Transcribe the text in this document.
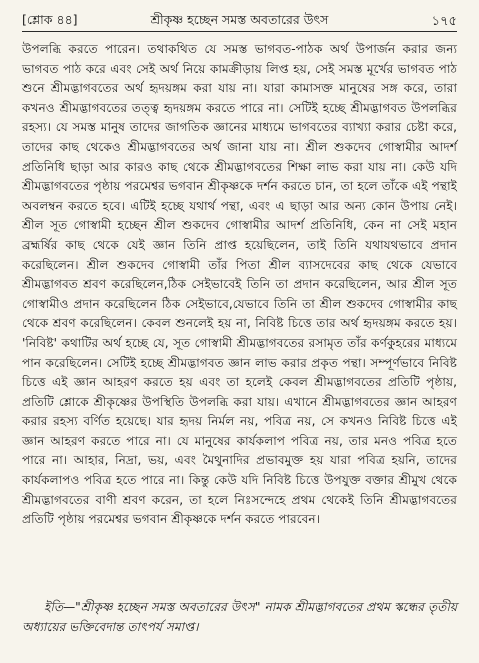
[শ্লোক ৪৪]	শ্রীকৃষ্ণ হচ্ছেন সমস্ত অবতারের উৎস	১৭৫

উপলব্ধি করতে পারেন। তথাকথিত যে সমস্ত ভাগবত-পাঠক অর্থ উপার্জন করার জন্য ভাগবত পাঠ করে এবং সেই অর্থ নিয়ে কামক্রীড়ায় লিপ্ত হয়, সেই সমস্ত মূর্খের ভাগবত পাঠ শুনে শ্রীমদ্ভাগবতের অর্থ হৃদয়ঙ্গম করা যায় না। যারা কামাসক্ত মানুষের সঙ্গ করে, তারা কখনও শ্রীমদ্ভাগবতের তত্ত্ব হৃদয়ঙ্গম করতে পারে না। সেটিই হচ্ছে শ্রীমদ্ভাগবত উপলব্ধির রহস্য। যে সমস্ত মানুষ তাদের জাগতিক জ্ঞানের মাধ্যমে ভাগবতের ব্যাখ্যা করার চেষ্টা করে, তাদের কাছ থেকেও শ্রীমদ্ভাগবতের অর্থ জানা যায় না। শ্রীল শুকদেব গোস্বামীর আদর্শ প্রতিনিধি ছাড়া আর কারও কাছ থেকে শ্রীমদ্ভাগবতের শিক্ষা লাভ করা যায় না। কেউ যদি শ্রীমদ্ভাগবতের পৃষ্ঠায় পরমেশ্বর ভগবান শ্রীকৃষ্ণকে দর্শন করতে চান, তা হলে তাঁকে এই পন্থাই অবলম্বন করতে হবে। এটিই হচ্ছে যথার্থ পন্থা, এবং এ ছাড়া আর অন্য কোন উপায় নেই। শ্রীল সূত গোস্বামী হচ্ছেন শ্রীল শুকদেব গোস্বামীর আদর্শ প্রতিনিধি, কেন না সেই মহান ব্রহ্মর্ষির কাছ থেকে যেই জ্ঞান তিনি প্রাপ্ত হয়েছিলেন, তাই তিনি যথাযথভাবে প্রদান করেছিলেন। শ্রীল শুকদেব গোস্বামী তাঁর পিতা শ্রীল ব্যাসদেবের কাছ থেকে যেভাবে শ্রীমদ্ভাগবত শ্রবণ করেছিলেন,ঠিক সেইভাবেই তিনি তা প্রদান করেছিলেন, আর শ্রীল সূত গোস্বামীও প্রদান করেছিলেন ঠিক সেইভাবে,যেভাবে তিনি তা শ্রীল শুকদেব গোস্বামীর কাছ থেকে শ্রবণ করেছিলেন। কেবল শুনলেই হয় না, নিবিষ্ট চিত্তে তার অর্থ হৃদয়ঙ্গম করতে হয়। 'নিবিষ্ট' কথাটির অর্থ হচ্ছে যে, সূত গোস্বামী শ্রীমদ্ভাগবতের রসামৃত তাঁর কর্ণকুহরের মাধ্যমে পান করেছিলেন। সেটিই হচ্ছে শ্রীমদ্ভাগবত জ্ঞান লাভ করার প্রকৃত পন্থা। সম্পূর্ণভাবে নিবিষ্ট চিত্তে এই জ্ঞান আহরণ করতে হয় এবং তা হলেই কেবল শ্রীমদ্ভাগবতের প্রতিটি পৃষ্ঠায়, প্রতিটি শ্লোকে শ্রীকৃষ্ণের উপস্থিতি উপলব্ধি করা যায়। এখানে শ্রীমদ্ভাগবতের জ্ঞান আহরণ করার রহস্য বর্ণিত হয়েছে। যার হৃদয় নির্মল নয়, পবিত্র নয়, সে কখনও নিবিষ্ট চিত্তে এই জ্ঞান আহরণ করতে পারে না। যে মানুষের কার্যকলাপ পবিত্র নয়, তার মনও পবিত্র হতে পারে না। আহার, নিদ্রা, ভয়, এবং মৈথুনাদির প্রভাবমুক্ত হয় যারা পবিত্র হয়নি, তাদের কার্যকলাপও পবিত্র হতে পারে না। কিন্তু কেউ যদি নিবিষ্ট চিত্তে উপযুক্ত বক্তার শ্রীমুখ থেকে শ্রীমদ্ভাগবতের বাণী শ্রবণ করেন, তা হলে নিঃসন্দেহে প্রথম থেকেই তিনি শ্রীমদ্ভাগবতের প্রতিটি পৃষ্ঠায় পরমেশ্বর ভগবান শ্রীকৃষ্ণকে দর্শন করতে পারবেন।

ইতি—"শ্রীকৃষ্ণ হচ্ছেন সমস্ত অবতারের উৎস" নামক শ্রীমদ্ভাগবতের প্রথম স্কন্ধের তৃতীয় অধ্যায়ের ভক্তিবেদান্ত তাৎপর্য সমাপ্ত।
